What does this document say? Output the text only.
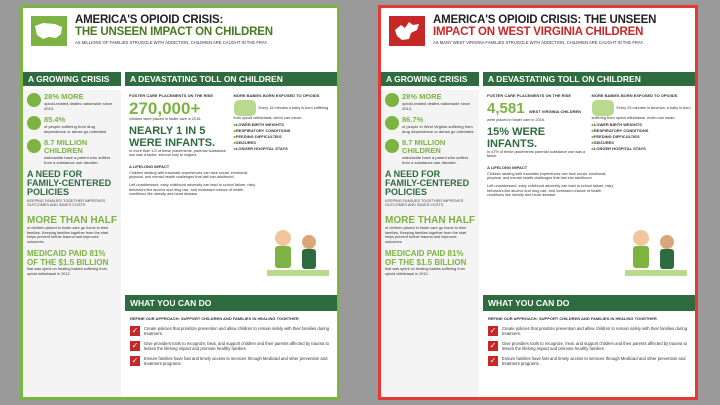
AMERICA'S OPIOID CRISIS:
THE UNSEEN IMPACT ON CHILDREN
AS MILLIONS OF FAMILIES STRUGGLE WITH ADDICTION, CHILDREN ARE CAUGHT IN THE FRAY.
A GROWING CRISIS	A DEVASTATING TOLL ON CHILDREN
28% MORE
opioid-related deaths nationwide since 2013.
85.4%
of people suffering from drug dependence or abuse go untreated
8.7 MILLION CHILDREN
nationwide have a parent who suffers from a substance use disorder.
A NEED FOR FAMILY-CENTERED POLICIES
KEEPING FAMILIES TOGETHER IMPROVES OUTCOMES AND SAVES COSTS
MORE THAN HALF
of children placed in foster care go home to their families. Keeping families together from the start helps prevent further trauma and improves outcomes.
MEDICAID PAID 81% OF THE $1.5 BILLION
that was spent on treating babies suffering from opioid withdrawal in 2012.
FOSTER CARE PLACEMENTS ON THE RISE
270,000+
children were placed in foster care in 2016.
NEARLY 1 IN 5 WERE INFANTS.
In more than 1/3 of these placements, parental substance use was a factor, second only to neglect.
MORE BABIES BORN EXPOSED TO OPIOIDS
Every 15 minutes a baby is born suffering from opioid withdrawal, which can mean:
■ LOWER BIRTH WEIGHTS
■ RESPIRATORY CONDITIONS
■ FEEDING DIFFICULTIES
■ SEIZURES
■ LONGER HOSPITAL STAYS
A LIFELONG IMPACT
Children dealing with traumatic experiences can face social, emotional, physical, and mental health challenges that last into adulthood.
Left unaddressed, early childhood adversity can lead to school failure, risky behaviors like alcohol and drug use, and increased chance of health conditions like obesity and heart disease.
WHAT YOU CAN DO
REFINE OUR APPROACH: SUPPORT CHILDREN AND FAMILIES IN HEALING TOGETHER
✓	Create policies that prioritize prevention and allow children to remain safely with their families during treatment.
✓	Give providers tools to recognize, treat, and support children and their parents affected by trauma to lessen the lifelong impact and promote healthy families.
✓	Ensure families have fast and timely access to services through Medicaid and other prevention and treatment programs.
AMERICA'S OPIOID CRISIS: THE UNSEEN
IMPACT ON WEST VIRGINIA CHILDREN
AS MANY WEST VIRGINIA FAMILIES STRUGGLE WITH ADDICTION, CHILDREN ARE CAUGHT IN THE FRAY.
A GROWING CRISIS	A DEVASTATING TOLL ON CHILDREN
28% MORE
opioid-related deaths nationwide since 2013.
86.7%
of people in West Virginia suffering from drug dependence or abuse go untreated.
8.7 MILLION CHILDREN
nationwide have a parent who suffers from a substance use disorder.
A NEED FOR FAMILY-CENTERED POLICIES
KEEPING FAMILIES TOGETHER IMPROVES OUTCOMES AND SAVES COSTS
MORE THAN HALF
of children placed in foster care go home to their families. Keeping families together from the start helps prevent further trauma and improves outcomes.
MEDICAID PAID 81% OF THE $1.5 BILLION
that was spent on treating babies suffering from opioid withdrawal in 2012.
FOSTER CARE PLACEMENTS ON THE RISE
4,581 WEST VIRGINIA CHILDREN
were placed in foster care in 2016.
15% WERE INFANTS.
In 47% of these placements parental substance use was a factor.
MORE BABIES BORN EXPOSED TO OPIOIDS
Every 25 minutes in America, a baby is born suffering from opioid withdrawal, which can mean:
■ LOWER BIRTH WEIGHTS
■ RESPIRATORY CONDITIONS
■ FEEDING DIFFICULTIES
■ SEIZURES
■ LONGER HOSPITAL STAYS
A LIFELONG IMPACT
Children dealing with traumatic experiences can face social, emotional, physical, and mental health challenges that last into adulthood.
Left unaddressed, early childhood adversity can lead to school failure, risky behaviors like alcohol and drug use, and increased chance of health conditions like obesity and heart disease.
WHAT YOU CAN DO
REFINE OUR APPROACH: SUPPORT CHILDREN AND FAMILIES IN HEALING TOGETHER
✓	Create policies that prioritize prevention and allow children to remain safely with their families during treatment.
✓	Give providers tools to recognize, treat, and support children and their parents affected by trauma to lessen the lifelong impact and promote healthy families.
✓	Ensure families have fast and timely access to services through Medicaid and other prevention and treatment programs.
